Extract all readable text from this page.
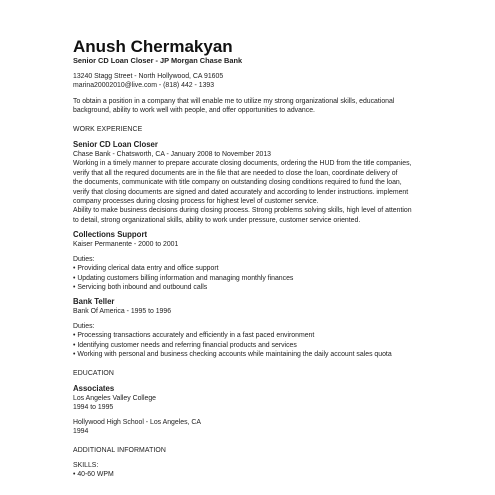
Anush Chermakyan

Senior CD Loan Closer - JP Morgan Chase Bank

13240 Stagg Street - North Hollywood, CA 91605

marina20002010@live.com - (818) 442 - 1393

To obtain a position in a company that will enable me to utilize my strong organizational skills, educational

background, ability to work well with people, and offer opportunities to advance.

WORK EXPERIENCE

Senior CD Loan Closer

Chase Bank - Chatsworth, CA - January 2008 to November 2013

Working in a timely manner to prepare accurate closing documents, ordering the HUD from the title companies,

verify that all the requred documents are in the file that are needed to close the loan, coordinate delivery of

the documents, communicate with title company on outstanding closing conditions required to fund the loan,

verify that closing documents are signed and dated accurately and according to lender instructions. implement

company processes during closing process for highest level of customer service.

Ability to make business decisions during closing process. Strong problems solving skills, high level of attention

to detail, strong organizational skills, ability to work under pressure, customer service oriented.

Collections Support

Kaiser Permanente - 2000 to 2001

Duties:

• Providing clerical data entry and office support
• Updating customers billing information and managing monthly finances
• Servicing both inbound and outbound calls

Bank Teller

Bank Of America - 1995 to 1996

Duties:

• Processing transactions accurately and efficiently in a fast paced environment
• Identifying customer needs and referring financial products and services
• Working with personal and business checking accounts while maintaining the daily account sales quota

EDUCATION

Associates

Los Angeles Valley College

1994 to 1995

Hollywood High School - Los Angeles, CA

1994

ADDITIONAL INFORMATION

SKILLS:

• 40-60 WPM
